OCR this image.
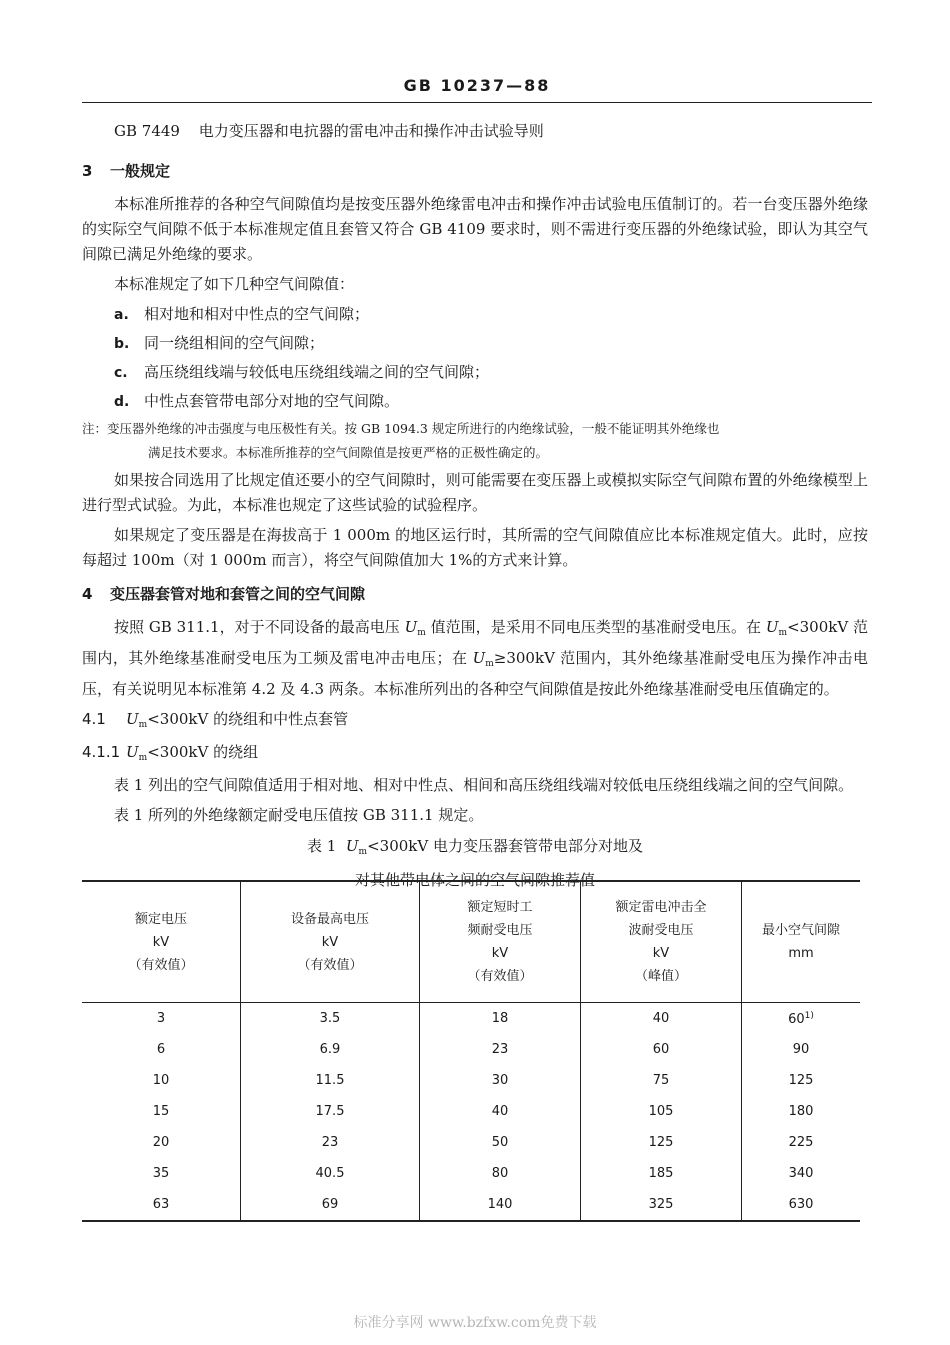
GB 10237—88
GB 7449 电力变压器和电抗器的雷电冲击和操作冲击试验导则
3 一般规定

本标准所推荐的各种空气间隙值均是按变压器外绝缘雷电冲击和操作冲击试验电压值制订的。若一台变压器外绝缘的实际空气间隙不低于本标准规定值且套管又符合 GB 4109 要求时，则不需进行变压器的外绝缘试验，即认为其空气间隙已满足外绝缘的要求。

本标准规定了如下几种空气间隙值：

a. 相对地和相对中性点的空气间隙；
b. 同一绕组相间的空气间隙；
c. 高压绕组线端与较低电压绕组线端之间的空气间隙；
d. 中性点套管带电部分对地的空气间隙。
注：变压器外绝缘的冲击强度与电压极性有关。按 GB 1094.3 规定所进行的内绝缘试验，一般不能证明其外绝缘也
满足技术要求。本标准所推荐的空气间隙值是按更严格的正极性确定的。

如果按合同选用了比规定值还要小的空气间隙时，则可能需要在变压器上或模拟实际空气间隙布置的外绝缘模型上进行型式试验。为此，本标准也规定了这些试验的试验程序。

如果规定了变压器是在海拔高于 1 000m 的地区运行时，其所需的空气间隙值应比本标准规定值大。此时，应按每超过 100m（对 1 000m 而言），将空气间隙值加大 1%的方式来计算。

4 变压器套管对地和套管之间的空气间隙

按照 GB 311.1，对于不同设备的最高电压 $U_m$ 值范围，是采用不同电压类型的基准耐受电压。在 $U_m<300kV$ 范围内，其外绝缘基准耐受电压为工频及雷电冲击电压；在 $U_m\ge 300kV$ 范围内，其外绝缘基准耐受电压为操作冲击电压，有关说明见本标准第 4.2 及 4.3 两条。本标准所列出的各种空气间隙值是按此外绝缘基准耐受电压值确定的。

4.1 $U_m<300kV$ 的绕组和中性点套管
4.1.1 $U_m<300kV$ 的绕组

表 1 列出的空气间隙值适用于相对地、相对中性点、相间和高压绕组线端对较低电压绕组线端之间的空气间隙。

表 1 所列的外绝缘额定耐受电压值按 GB 311.1 规定。

表 1 $U_m<300kV$ 电力变压器套管带电部分对地及
对其他带电体之间的空气间隙推荐值
额定电压
kV
（有效值）	设备最高电压
kV
（有效值）	额定短时工
频耐受电压
kV
（有效值）	额定雷电冲击全
波耐受电压
kV
（峰值）	最小空气间隙
mm
3	3.5	18	40	60$^{1)}$
6	6.9	23	60	90
10	11.5	30	75	125
15	17.5	40	105	180
20	23	50	125	225
35	40.5	80	185	340
63	69	140	325	630
标准分享网 www.bzfxw.com免费下载
